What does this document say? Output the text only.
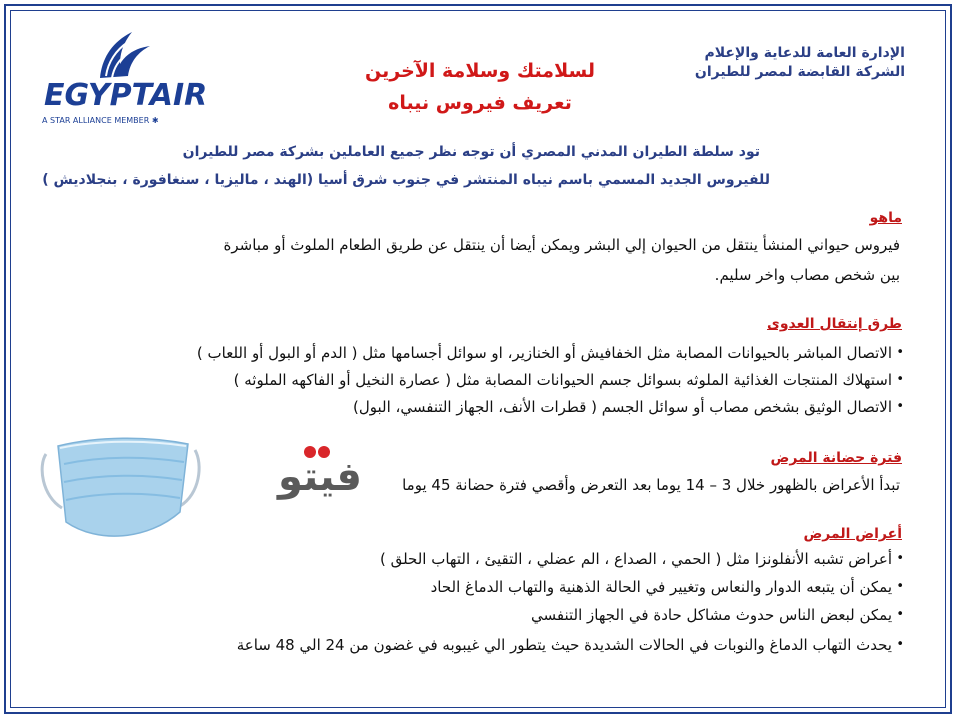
EGYPTAIR
A STAR ALLIANCE MEMBER ✱
الإدارة العامة للدعاية والإعلام
الشركة القابضة لمصر للطيران
لسلامتك وسلامة الآخرين
تعريف فيروس نيباه
تود سلطة الطيران المدني المصري أن توجه نظر جميع العاملين بشركة مصر للطيران
للفيروس الجديد المسمي باسم نيباه المنتشر في جنوب شرق أسيا (الهند ، ماليزيا ، سنغافورة ، بنجلاديش )
ماهو
فيروس حيواني المنشأ ينتقل من الحيوان إلي البشر ويمكن أيضا أن ينتقل عن طريق الطعام الملوث أو مباشرة
بين شخص مصاب واخر سليم.
طرق إنتقال العدوى
الاتصال المباشر بالحيوانات المصابة مثل الخفافيش أو الخنازير، او سوائل أجسامها مثل ( الدم أو البول أو اللعاب ) •
استهلاك المنتجات الغذائية الملوثه بسوائل جسم الحيوانات المصابة مثل ( عصارة النخيل أو الفاكهه الملوثه ) •
الاتصال الوثيق بشخص مصاب أو سوائل الجسم ( قطرات الأنف، الجهاز التنفسي، البول) •
فترة حضانة المرض
تبدأ الأعراض بالظهور خلال 3 – 14 يوما بعد التعرض وأقصي فترة حضانة 45 يوما
أعراض المرض
أعراض تشبه الأنفلونزا مثل ( الحمي ، الصداع ، الم عضلي ، التقيئ ، التهاب الحلق ) •
يمكن أن يتبعه الدوار والنعاس وتغيير في الحالة الذهنية والتهاب الدماغ الحاد •
يمكن لبعض الناس حدوث مشاكل حادة في الجهاز التنفسي •
يحدث التهاب الدماغ والنوبات في الحالات الشديدة حيث يتطور الي غيبوبه في غضون من 24 الي 48 ساعة •
فيتو
